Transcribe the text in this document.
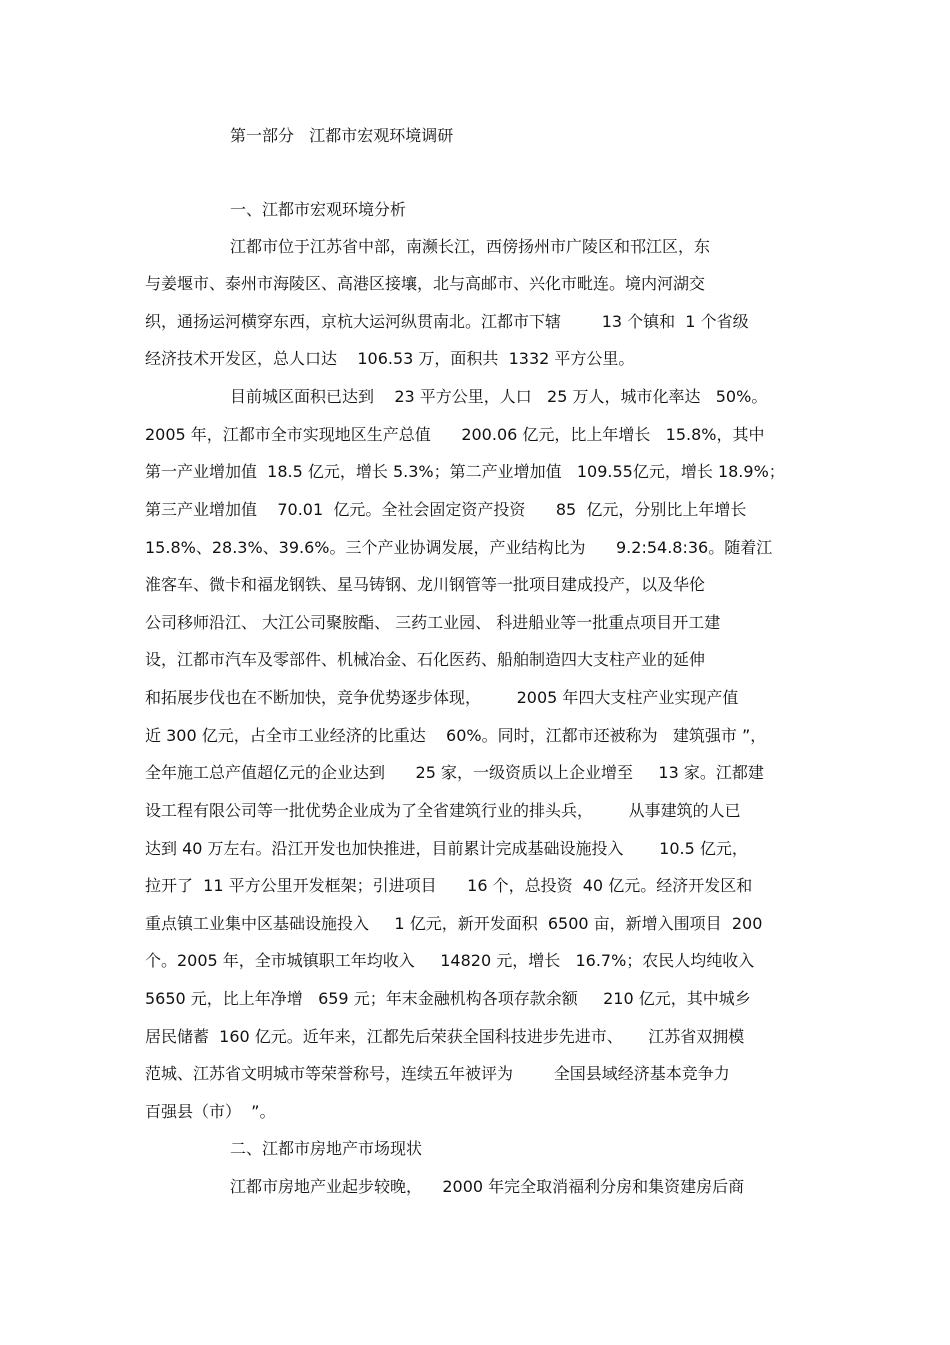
第一部分   江都市宏观环境调研
一、江都市宏观环境分析
江都市位于江苏省中部，南濒长江，西傍扬州市广陵区和邗江区，东
与姜堰市、泰州市海陵区、高港区接壤，北与高邮市、兴化市毗连。境内河湖交
织，通扬运河横穿东西，京杭大运河纵贯南北。江都市下辖        13 个镇和  1 个省级
经济技术开发区，总人口达    106.53 万，面积共  1332 平方公里。
目前城区面积已达到    23 平方公里，人口   25 万人，城市化率达   50%。
2005 年，江都市全市实现地区生产总值      200.06 亿元，比上年增长   15.8%，其中
第一产业增加值  18.5 亿元，增长 5.3%；第二产业增加值   109.55亿元，增长 18.9%；
第三产业增加值    70.01  亿元。全社会固定资产投资      85  亿元，分别比上年增长
15.8%、28.3%、39.6%。三个产业协调发展，产业结构比为      9.2:54.8:36。随着江
淮客车、微卡和福龙钢铁、星马铸钢、龙川钢管等一批项目建成投产，以及华伦
公司移师沿江、 大江公司聚胺酯、 三药工业园、 科进船业等一批重点项目开工建
设，江都市汽车及零部件、机械冶金、石化医药、船舶制造四大支柱产业的延伸
和拓展步伐也在不断加快，竞争优势逐步体现，       2005 年四大支柱产业实现产值
近 300 亿元，占全市工业经济的比重达    60%。同时，江都市还被称为   建筑强市 ”，
全年施工总产值超亿元的企业达到      25 家，一级资质以上企业增至     13 家。江都建
设工程有限公司等一批优势企业成为了全省建筑行业的排头兵，       从事建筑的人已
达到 40 万左右。沿江开发也加快推进，目前累计完成基础设施投入       10.5 亿元，
拉开了  11 平方公里开发框架；引进项目      16 个，总投资  40 亿元。经济开发区和
重点镇工业集中区基础设施投入     1 亿元，新开发面积  6500 亩，新增入围项目  200
个。2005 年，全市城镇职工年均收入     14820 元，增长   16.7%；农民人均纯收入
5650 元，比上年净增   659 元；年末金融机构各项存款余额     210 亿元，其中城乡
居民储蓄  160 亿元。近年来，江都先后荣获全国科技进步先进市、     江苏省双拥模
范城、江苏省文明城市等荣誉称号，连续五年被评为        全国县域经济基本竞争力
百强县（市）  ”。
二、江都市房地产市场现状
江都市房地产业起步较晚，    2000 年完全取消福利分房和集资建房后商
